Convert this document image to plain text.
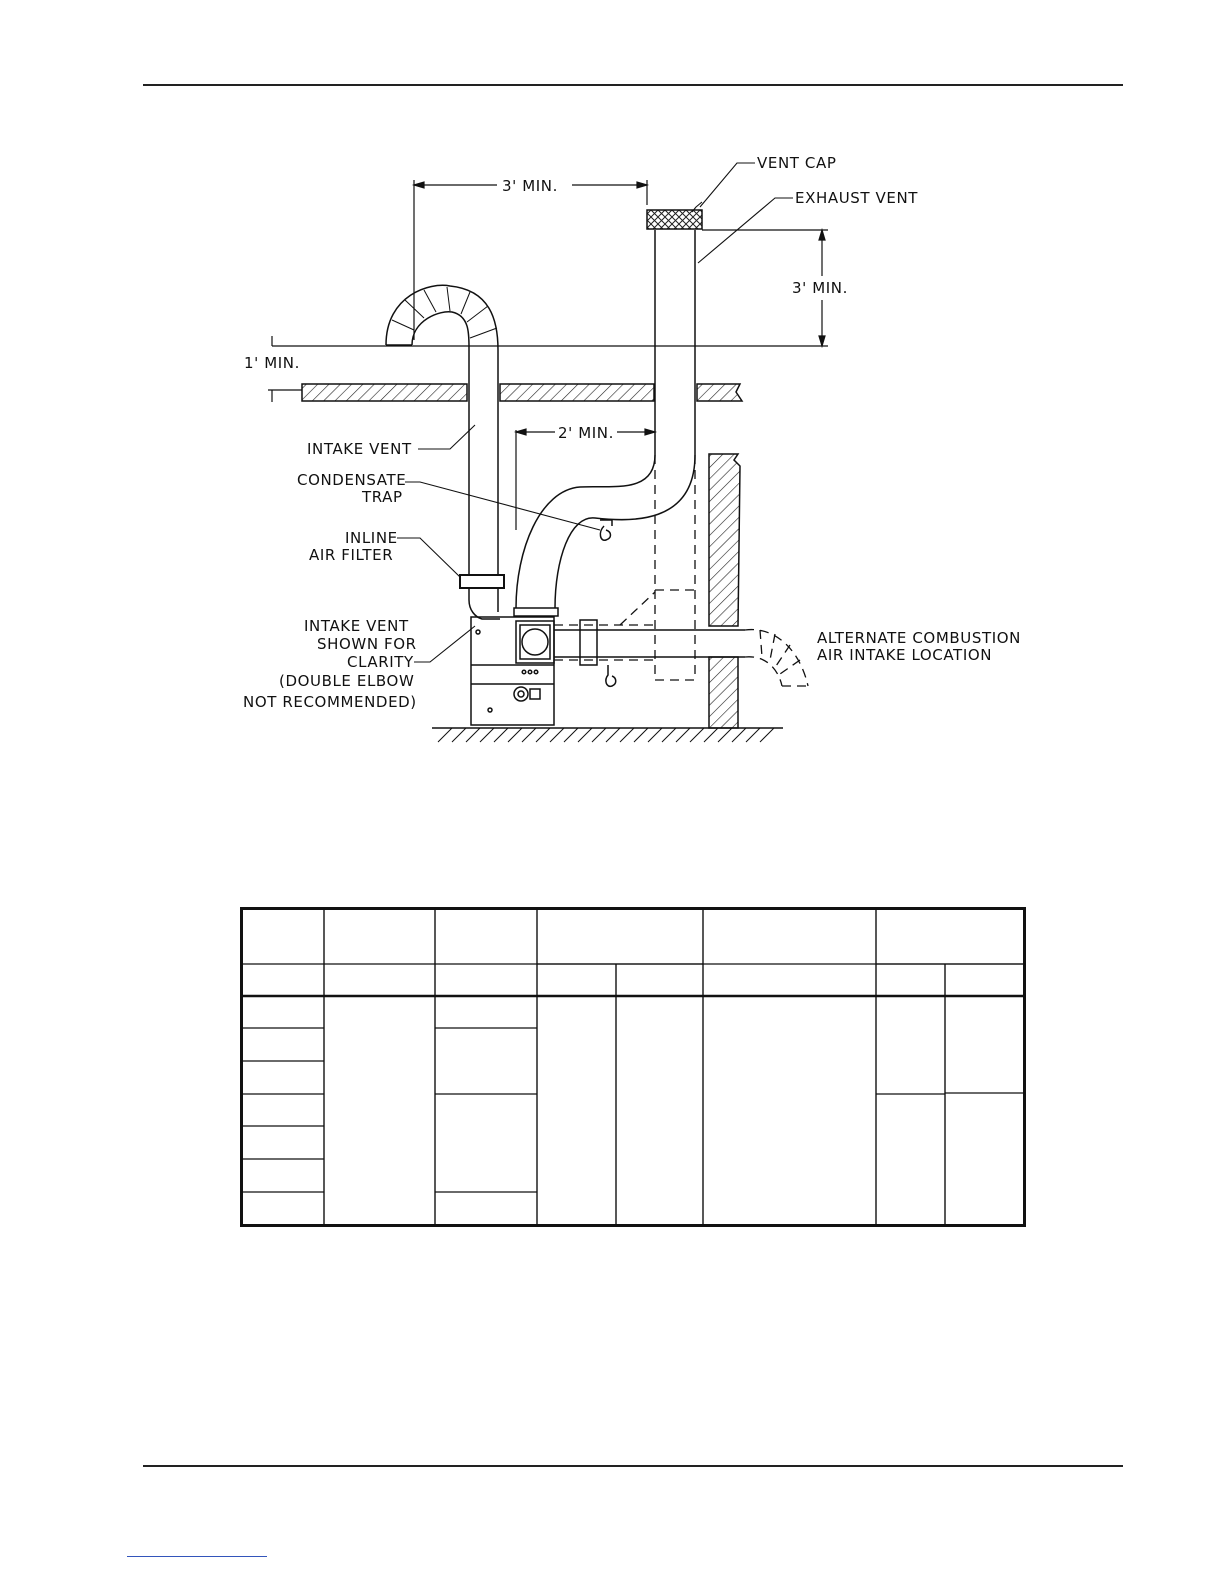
VENT CAP
EXHAUST VENT
3' MIN.
3' MIN.
1' MIN.
2' MIN.
INTAKE VENT
CONDENSATE
TRAP
INLINE
AIR FILTER
INTAKE VENT
SHOWN FOR
CLARITY
(DOUBLE ELBOW
NOT RECOMMENDED)
ALTERNATE COMBUSTION
AIR INTAKE LOCATION
